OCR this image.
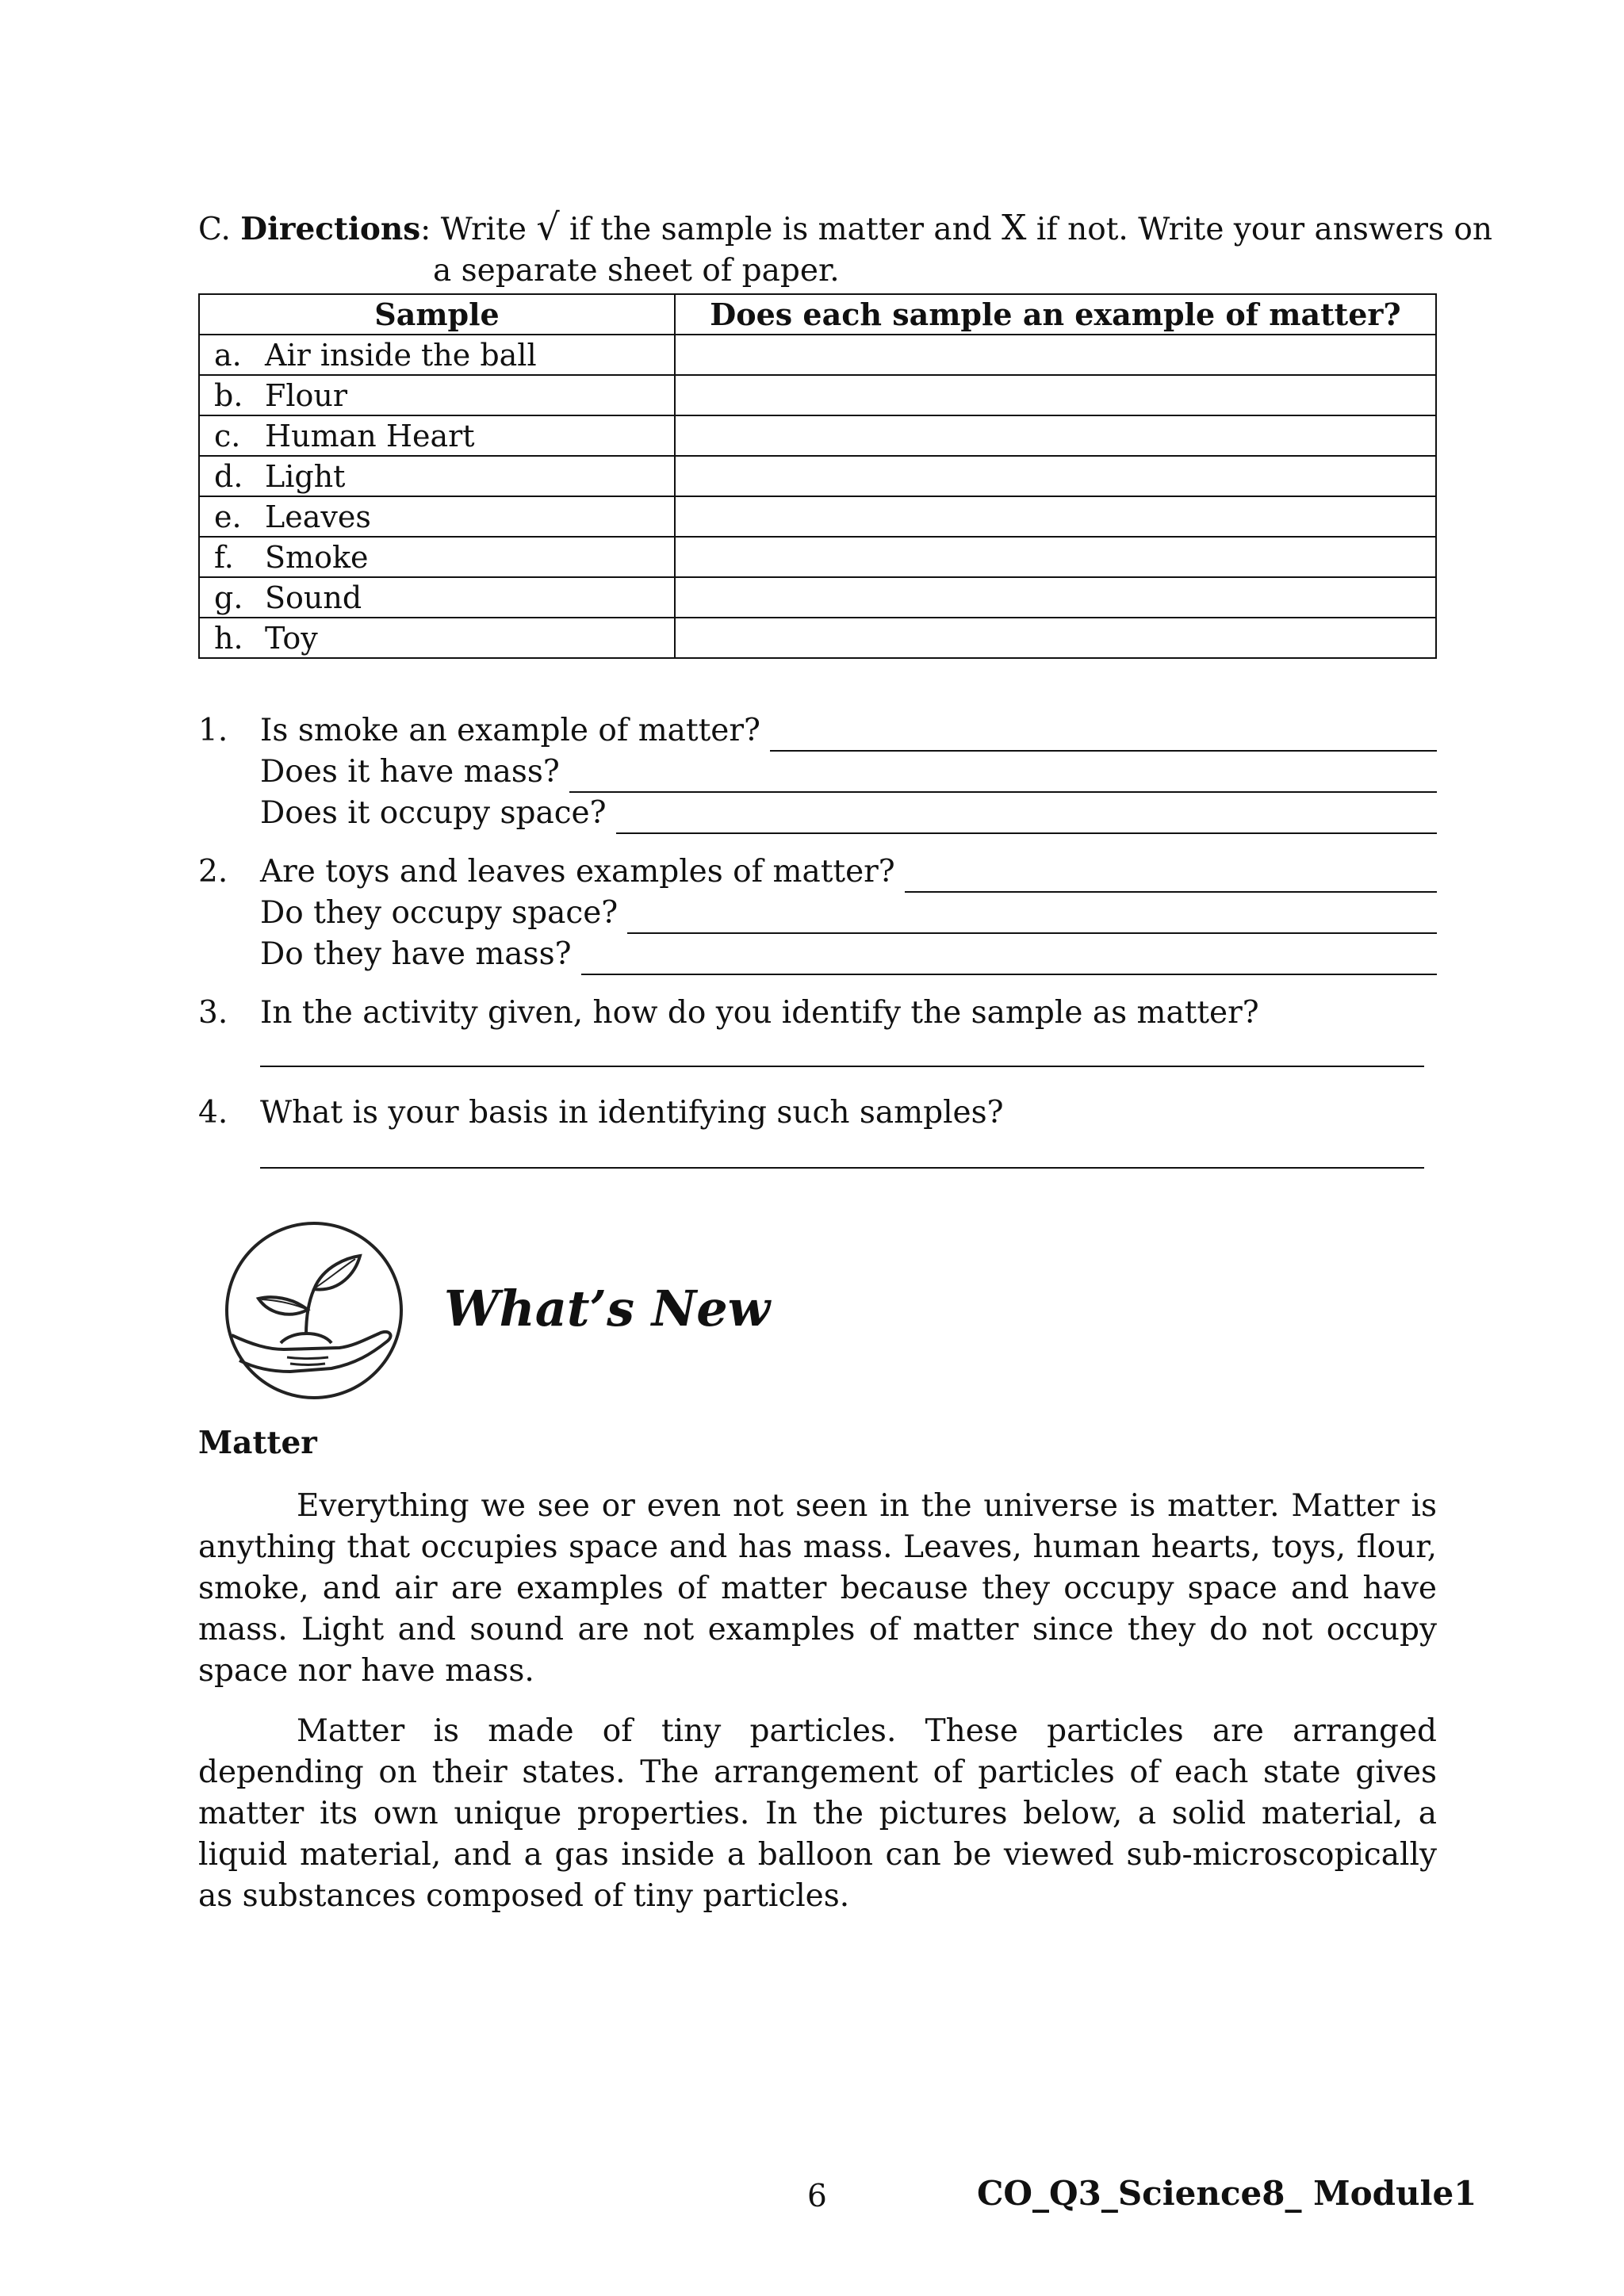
C. Directions: Write √ if the sample is matter and X if not. Write your answers on
a separate sheet of paper.
Sample	Does each sample an example of matter?
a. Air inside the ball	
b. Flour	
c. Human Heart	
d. Light	
e. Leaves	
f. Smoke	
g. Sound	
h. Toy	
1. Is smoke an example of matter?
Does it have mass?
Does it occupy space?
2. Are toys and leaves examples of matter?
Do they occupy space?
Do they have mass?
3. In the activity given, how do you identify the sample as matter?
4. What is your basis in identifying such samples?
What’s New
Matter

Everything we see or even not seen in the universe is matter. Matter is anything that occupies space and has mass. Leaves, human hearts, toys, flour, smoke, and air are examples of matter because they occupy space and have mass. Light and sound are not examples of matter since they do not occupy space nor have mass.

Matter is made of tiny particles. These particles are arranged depending on their states. The arrangement of particles of each state gives matter its own unique properties. In the pictures below, a solid material, a liquid material, and a gas inside a balloon can be viewed sub-microscopically as substances composed of tiny particles.

6	CO_Q3_Science8_ Module1
